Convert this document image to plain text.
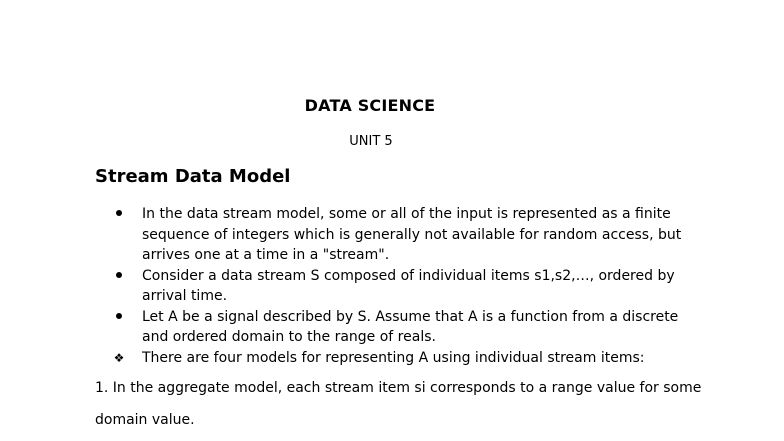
DATA SCIENCE
UNIT 5
Stream Data Model
In the data stream model, some or all of the input is represented as a finite sequence of integers which is generally not available for random access, but arrives one at a time in a "stream".
Consider a data stream S composed of individual items s1,s2,…, ordered by arrival time.
Let A be a signal described by S. Assume that A is a function from a discrete and ordered domain to the range of reals.
❖ There are four models for representing A using individual stream items:
1. In the aggregate model, each stream item si corresponds to a range value for some
domain value.
